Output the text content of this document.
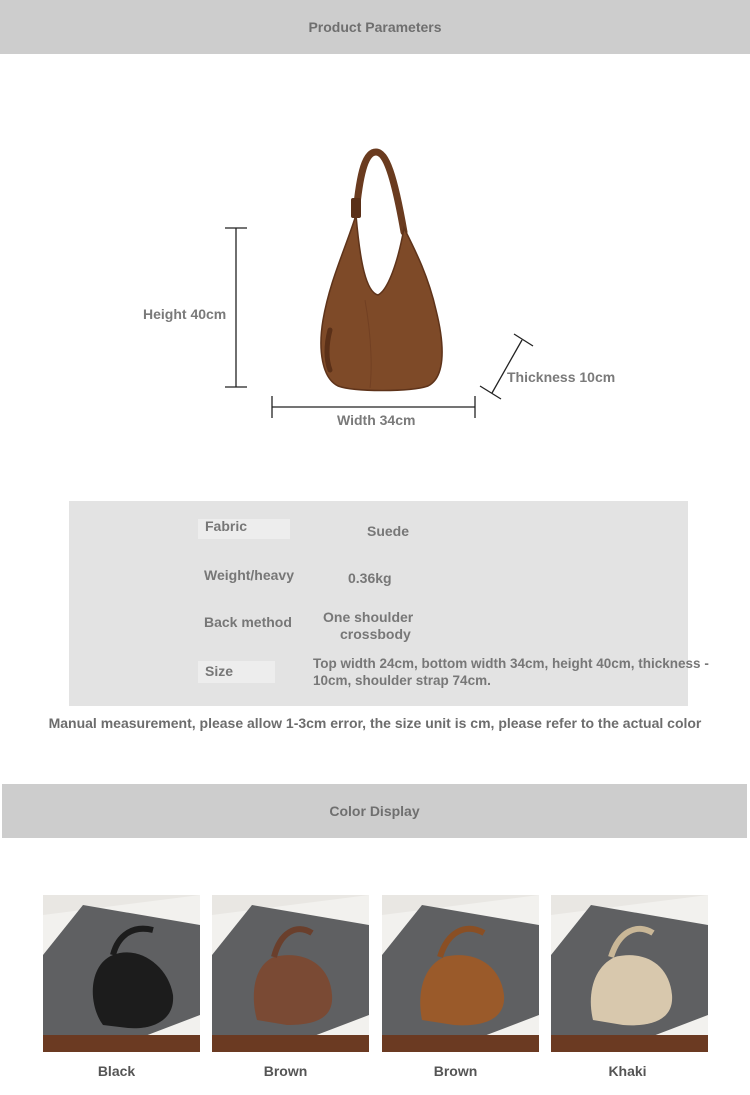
Product Parameters
Height 40cm
Width 34cm
Thickness 10cm
Fabric	Suede
Weight/heavy	0.36kg
Back method One shoulder
crossbody
Size	Top width 24cm, bottom width 34cm, height 40cm, thickness -
10cm, shoulder strap 74cm.
Manual measurement, please allow 1-3cm error, the size unit is cm, please refer to the actual color
Color Display
Black	Brown	Brown	Khaki
